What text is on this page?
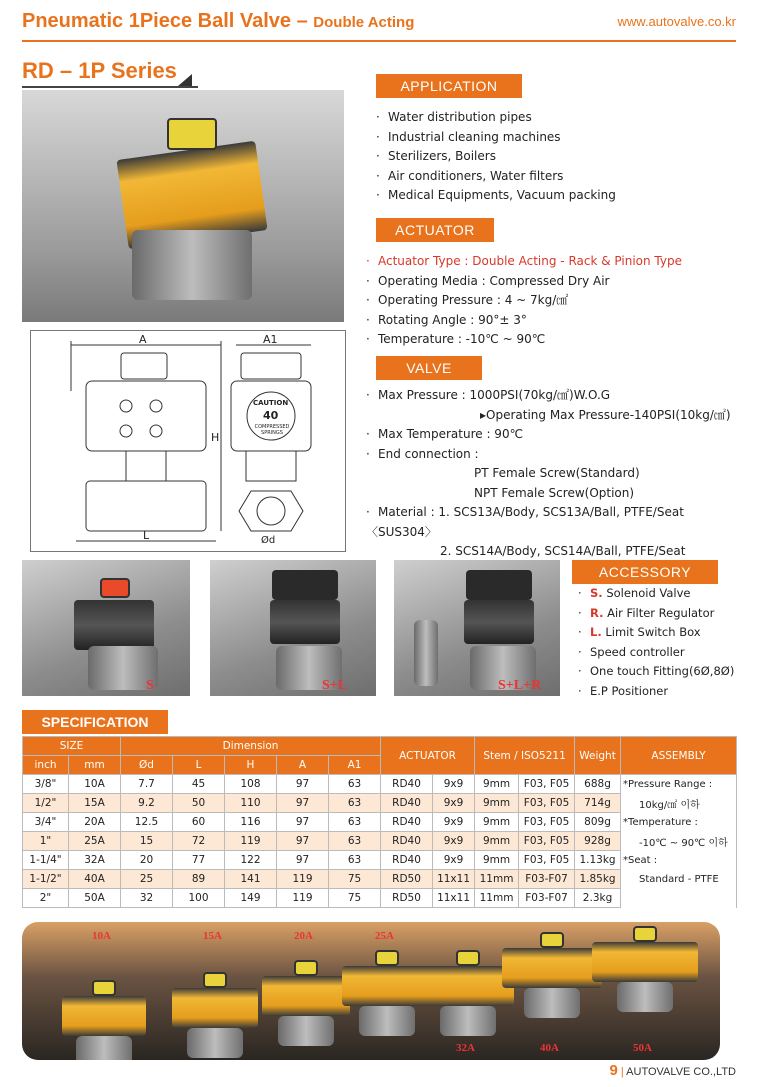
Pneumatic 1Piece Ball Valve – Double Acting	www.autovalve.co.kr
RD – 1P Series
A	A1
H
L	Ød
CAUTION
40
COMPRESSED SPRINGS
APPLICATION
· Water distribution pipes
· Industrial cleaning machines
· Sterilizers, Boilers
· Air conditioners, Water filters
· Medical Equipments, Vacuum packing
ACTUATOR
· Actuator Type : Double Acting - Rack & Pinion Type
· Operating Media : Compressed Dry Air
· Operating Pressure : 4 ~ 7kg/㎠
· Rotating Angle : 90°± 3°
· Temperature : -10℃ ~ 90℃
VALVE
· Max Pressure : 1000PSI(70kg/㎠)W.O.G
▸Operating Max Pressure-140PSI(10kg/㎠)
· Max Temperature : 90℃
· End connection :
PT Female Screw(Standard)
NPT Female Screw(Option)
· Material : 1. SCS13A/Body, SCS13A/Ball, PTFE/Seat 〈SUS304〉
2. SCS14A/Body, SCS14A/Ball, PTFE/Seat
S	S+L	S+L+R
ACCESSORY
· S. Solenoid Valve
· R. Air Filter Regulator
· L. Limit Switch Box
· Speed controller
· One touch Fitting(6Ø,8Ø)
· E.P Positioner
SPECIFICATION
SIZE		Dimension					ACTUATOR		Stem / ISO5211		Weight	ASSEMBLY
inch	mm	Ød	L	H	A	A1						
3/8"	10A	7.7	45	108	97	63	RD40	9x9	9mm	F03, F05	688g	*Pressure Range :
1/2"	15A	9.2	50	110	97	63	RD40	9x9	9mm	F03, F05	714g	10kg/㎠ 이하
3/4"	20A	12.5	60	116	97	63	RD40	9x9	9mm	F03, F05	809g	*Temperature :
1"	25A	15	72	119	97	63	RD40	9x9	9mm	F03, F05	928g	-10℃ ~ 90℃ 이하
1-1/4"	32A	20	77	122	97	63	RD40	9x9	9mm	F03, F05	1.13kg	*Seat :
1-1/2"	40A	25	89	141	119	75	RD50	11x11	11mm	F03-F07	1.85kg	Standard - PTFE
2"	50A	32	100	149	119	75	RD50	11x11	11mm	F03-F07	2.3kg	
10A	15A	20A	25A
32A	40A	50A
9 | AUTOVALVE CO.,LTD
